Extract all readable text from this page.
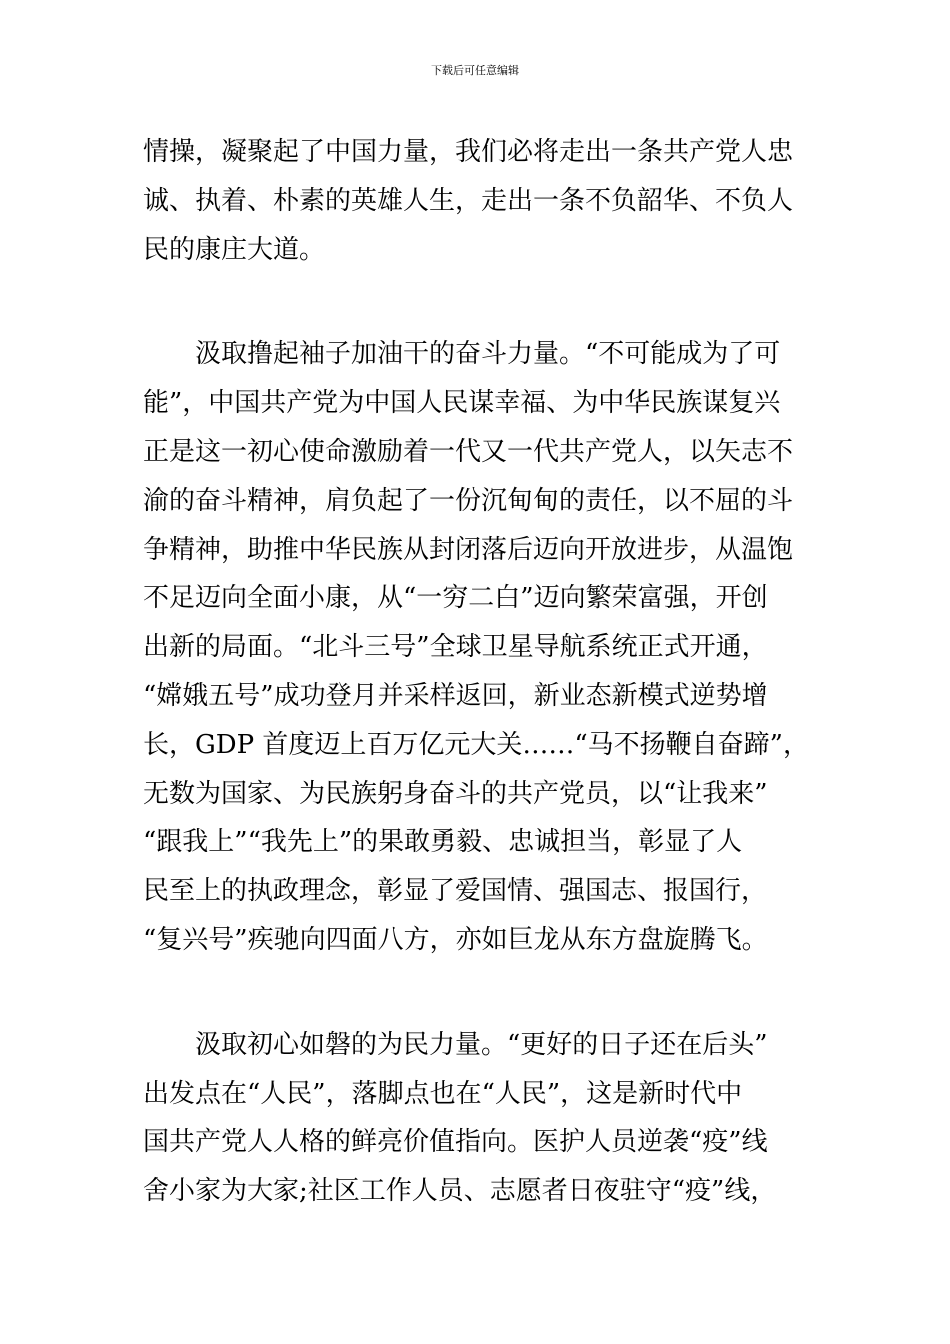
下载后可任意编辑
情操，凝聚起了中国力量，我们必将走出一条共产党人忠
诚、执着、朴素的英雄人生，走出一条不负韶华、不负人
民的康庄大道。
汲取撸起袖子加油干的奋斗力量。“不可能成为了可
能”，中国共产党为中国人民谋幸福、为中华民族谋复兴
正是这一初心使命激励着一代又一代共产党人，以矢志不
渝的奋斗精神，肩负起了一份沉甸甸的责任，以不屈的斗
争精神，助推中华民族从封闭落后迈向开放进步，从温饱
不足迈向全面小康，从“一穷二白”迈向繁荣富强，开创
出新的局面。“北斗三号”全球卫星导航系统正式开通，
“嫦娥五号”成功登月并采样返回，新业态新模式逆势增
长，GDP 首度迈上百万亿元大关……“马不扬鞭自奋蹄”，
无数为国家、为民族躬身奋斗的共产党员，以“让我来”
“跟我上”“我先上”的果敢勇毅、忠诚担当，彰显了人
民至上的执政理念，彰显了爱国情、强国志、报国行，
“复兴号”疾驰向四面八方，亦如巨龙从东方盘旋腾飞。
汲取初心如磐的为民力量。“更好的日子还在后头”
出发点在“人民”，落脚点也在“人民”，这是新时代中
国共产党人人格的鲜亮价值指向。医护人员逆袭“疫”线
舍小家为大家;社区工作人员、志愿者日夜驻守“疫”线，
